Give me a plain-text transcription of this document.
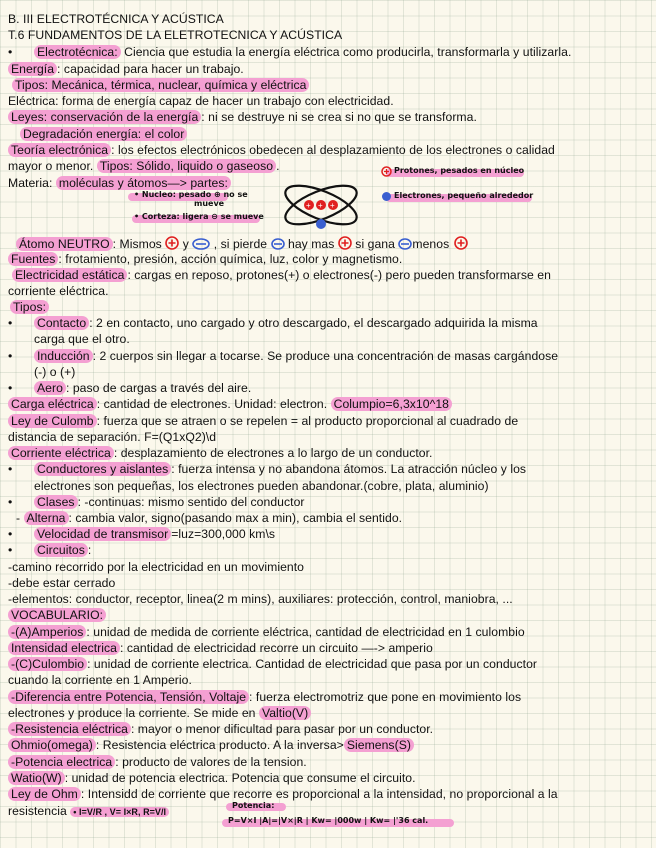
B. III ELECTROTÉCNICA Y ACÚSTICA
T.6 FUNDAMENTOS DE LA ELETROTECNICA Y ACÚSTICA
• Electrotécnica: Ciencia que estudia la energía eléctrica como producirla, transformarla y utilizarla.
Energía : capacidad para hacer un trabajo.
Tipos: Mecánica, térmica, nuclear, química y eléctrica
Eléctrica: forma de energía capaz de hacer un trabajo con electricidad.
Leyes: conservación de la energía : ni se destruye ni se crea si no que se transforma.
Degradación energía: el color
Teoría electrónica : los efectos electrónicos obedecen al desplazamiento de los electrones o calidad
mayor o menor. Tipos: Sólido, liquido o gaseoso .
Materia: moléculas y átomos—> partes:
• Nucleo: pesado ⊕ no se
mueve
• Corteza: ligera ⊖ se mueve
+ + +
Protones, pesados en núcleo
Electrones, pequeño alrededor
Átomo NEUTRO : Mismos  y  , si pierde  hay mas  si gana menos
Fuentes : frotamiento, presión, acción química, luz, color y magnetismo.
Electricidad estática : cargas en reposo, protones(+) o electrones(-) pero pueden transformarse en
corriente eléctrica.
Tipos:
• Contacto : 2 en contacto, uno cargado y otro descargado, el descargado adquirida la misma
carga que el otro.
• Inducción : 2 cuerpos sin llegar a tocarse. Se produce una concentración de masas cargándose
(-) o (+)
• Aero : paso de cargas a través del aire.
Carga eléctrica : cantidad de electrones. Unidad: electron. Columpio=6,3x10^18
Ley de Culomb : fuerza que se atraen o se repelen = al producto proporcional al cuadrado de
distancia de separación. F=(Q1xQ2)\d
Corriente eléctrica : desplazamiento de electrones a lo largo de un conductor.
• Conductores y aislantes : fuerza intensa y no abandona átomos. La atracción núcleo y los
electrones son pequeñas, los electrones pueden abandonar.(cobre, plata, aluminio)
• Clases : -continuas: mismo sentido del conductor
- Alterna : cambia valor, signo(pasando max a min), cambia el sentido.
• Velocidad de transmisor =luz=300,000 km\s
• Circuitos :
-camino recorrido por la electricidad en un movimiento
-debe estar cerrado
-elementos: conductor, receptor, linea(2 m mins), auxiliares: protección, control, maniobra, ...
VOCABULARIO:
-(A)Amperios : unidad de medida de corriente eléctrica, cantidad de electricidad en 1 culombio
Intensidad electrica : cantidad de electricidad recorre un circuito —-> amperio
-(C)Culombio : unidad de corriente electrica. Cantidad de electricidad que pasa por un conductor
cuando la corriente en 1 Amperio.
-Diferencia entre Potencia, Tensión, Voltaje : fuerza electromotriz que pone en movimiento los
electrones y produce la corriente. Se mide en Valtio(V)
-Resistencia eléctrica : mayor o menor dificultad para pasar por un conductor.
Ohmio(omega) : Resistencia eléctrica producto. A la inversa> Siemens(S)
-Potencia electrica : producto de valores de la tension.
Watio(W) : unidad de potencia electrica. Potencia que consume el circuito.
Ley de Ohm : Intensidd de corriente que recorre es proporcional a la intensidad, no proporcional a la
resistencia • I=V/R , V= I×R, R=V/I
Potencia:
P=V×I |A|=|V×|R | Kw= |000w | Kw= |'36 cal.
